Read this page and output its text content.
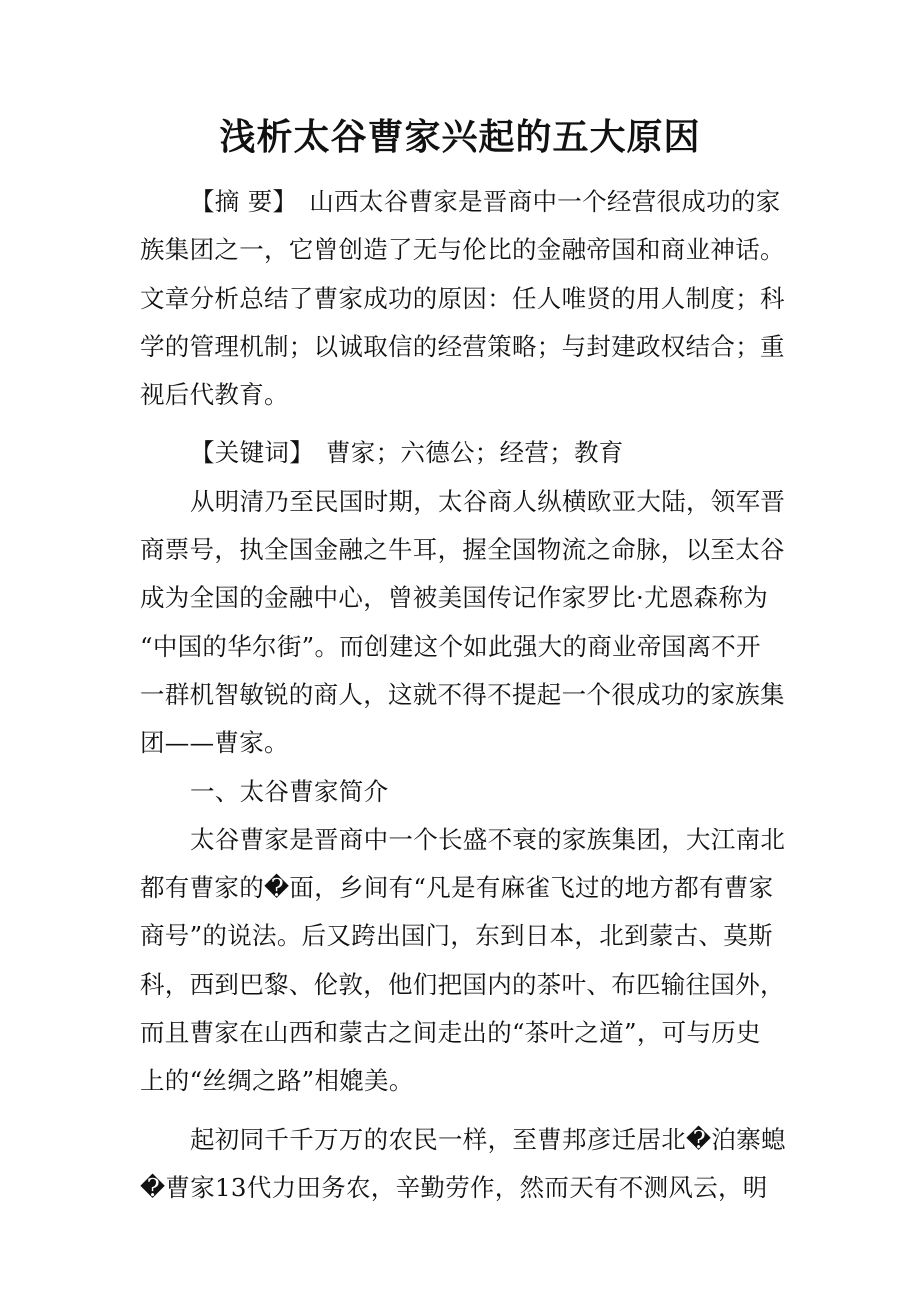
浅析太谷曹家兴起的五大原因
【摘 要】 山西太谷曹家是晋商中一个经营很成功的家
族集团之一，它曾创造了无与伦比的金融帝国和商业神话。
文章分析总结了曹家成功的原因：任人唯贤的用人制度；科
学的管理机制；以诚取信的经营策略；与封建政权结合；重
视后代教育。
【关键词】 曹家；六德公；经营；教育
从明清乃至民国时期，太谷商人纵横欧亚大陆，领军晋
商票号，执全国金融之牛耳，握全国物流之命脉，以至太谷
成为全国的金融中心，曾被美国传记作家罗比·尤恩森称为
“中国的华尔街”。而创建这个如此强大的商业帝国离不开
一群机智敏锐的商人，这就不得不提起一个很成功的家族集
团——曹家。
一、太谷曹家简介
太谷曹家是晋商中一个长盛不衰的家族集团，大江南北
都有曹家的�面，乡间有“凡是有麻雀飞过的地方都有曹家
商号”的说法。后又跨出国门，东到日本，北到蒙古、莫斯
科，西到巴黎、伦敦，他们把国内的茶叶、布匹输往国外，
而且曹家在山西和蒙古之间走出的“茶叶之道”，可与历史
上的“丝绸之路”相媲美。
起初同千千万万的农民一样，至曹邦彦迁居北�泊寨螅
�曹家13代力田务农，辛勤劳作，然而天有不测风云，明
